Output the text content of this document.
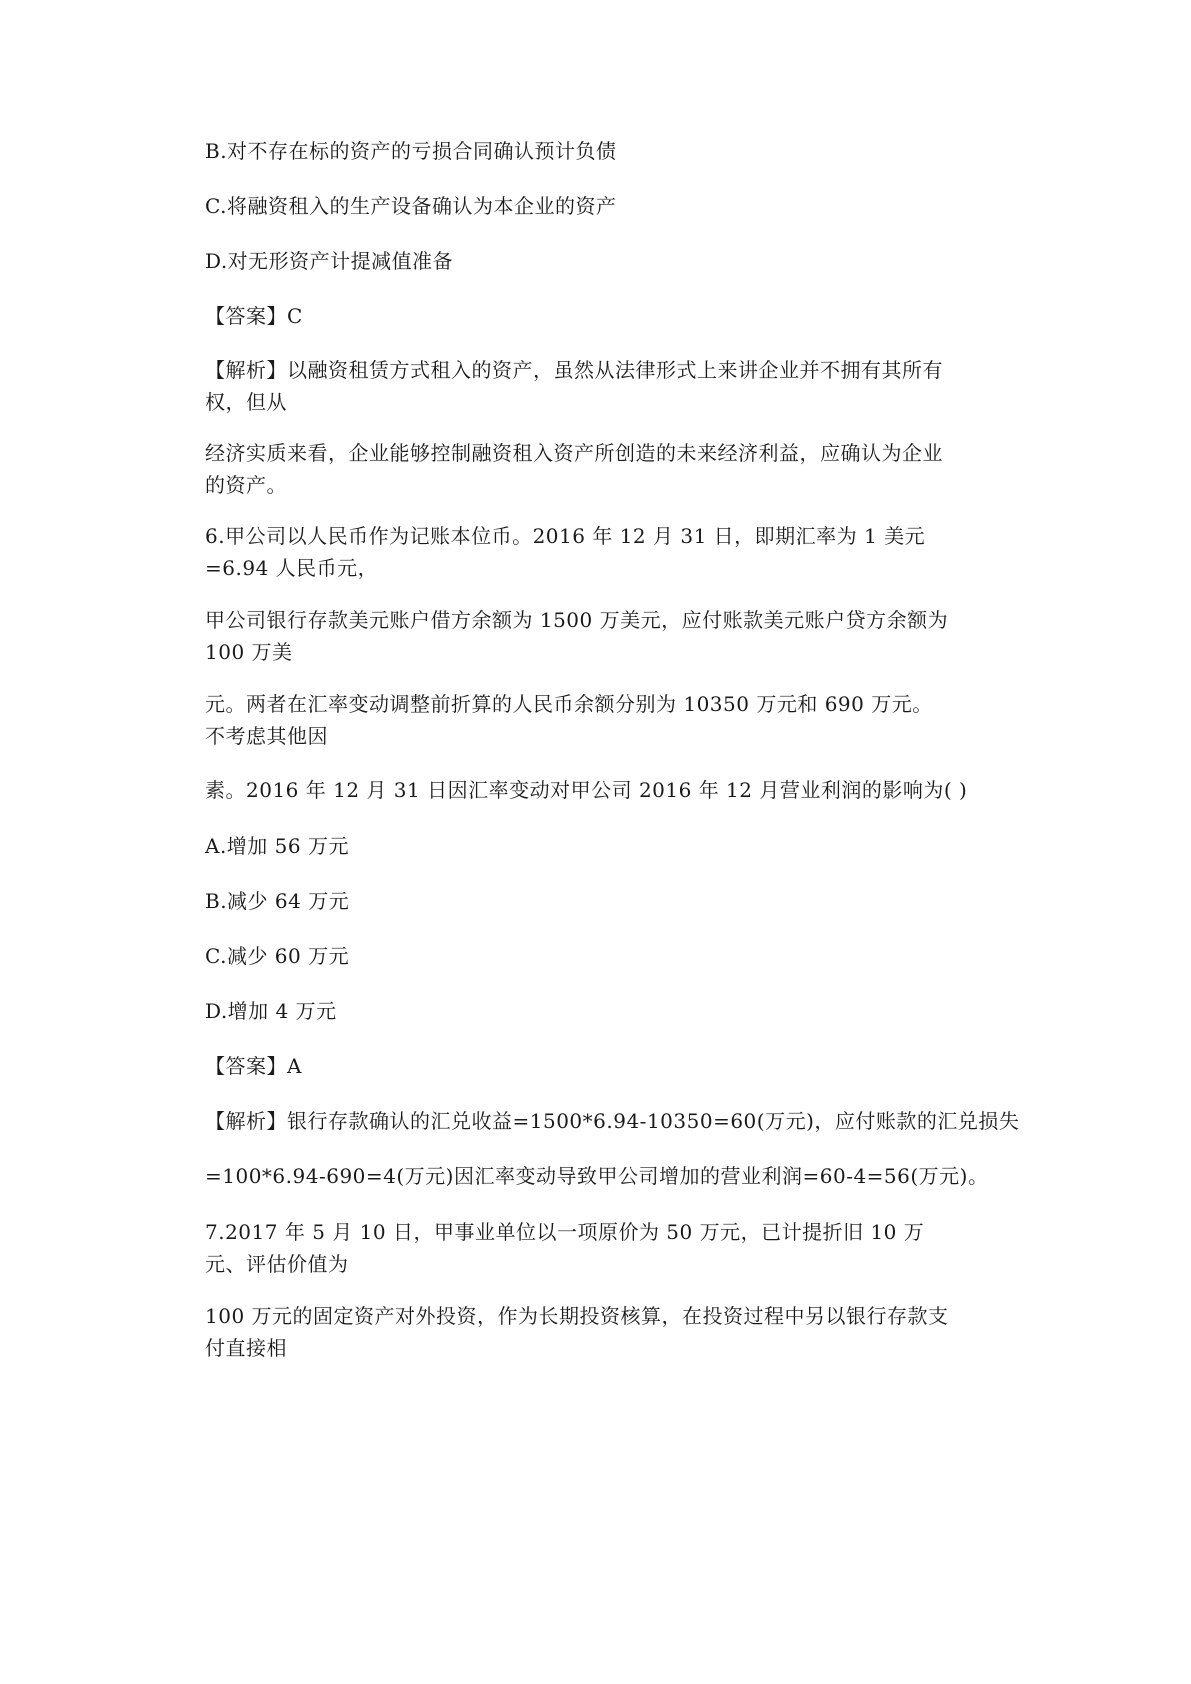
B.对不存在标的资产的亏损合同确认预计负债
C.将融资租入的生产设备确认为本企业的资产
D.对无形资产计提减值准备
【答案】C
【解析】以融资租赁方式租入的资产，虽然从法律形式上来讲企业并不拥有其所有权，但从
经济实质来看，企业能够控制融资租入资产所创造的未来经济利益，应确认为企业的资产。
6.甲公司以人民币作为记账本位币。2016 年 12 月 31 日，即期汇率为 1 美元=6.94 人民币元，
甲公司银行存款美元账户借方余额为 1500 万美元，应付账款美元账户贷方余额为 100 万美
元。两者在汇率变动调整前折算的人民币余额分别为 10350 万元和 690 万元。不考虑其他因
素。2016 年 12 月 31 日因汇率变动对甲公司 2016 年 12 月营业利润的影响为( )
A.增加 56 万元
B.减少 64 万元
C.减少 60 万元
D.增加 4 万元
【答案】A
【解析】银行存款确认的汇兑收益=1500*6.94-10350=60(万元)，应付账款的汇兑损失
=100*6.94-690=4(万元)因汇率变动导致甲公司增加的营业利润=60-4=56(万元)。
7.2017 年 5 月 10 日，甲事业单位以一项原价为 50 万元，已计提折旧 10 万元、评估价值为
100 万元的固定资产对外投资，作为长期投资核算，在投资过程中另以银行存款支付直接相
